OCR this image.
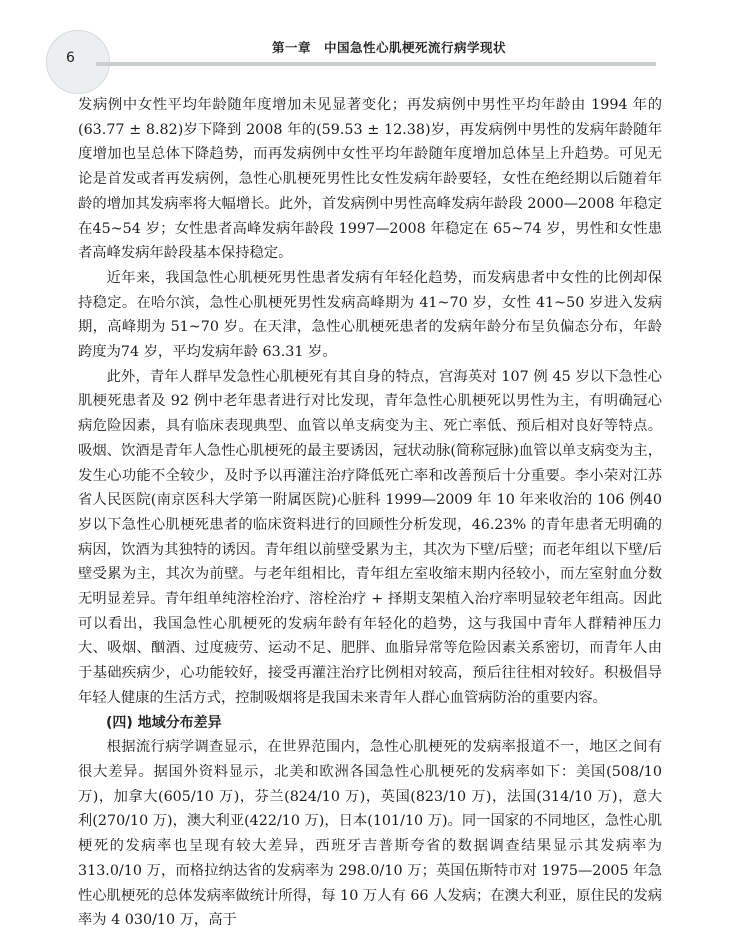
6
第一章　中国急性心肌梗死流行病学现状

发病例中女性平均年龄随年度增加未见显著变化；再发病例中男性平均年龄由 1994 年的(63.77 ± 8.82)岁下降到 2008 年的(59.53 ± 12.38)岁，再发病例中男性的发病年龄随年度增加也呈总体下降趋势，而再发病例中女性平均年龄随年度增加总体呈上升趋势。可见无论是首发或者再发病例，急性心肌梗死男性比女性发病年龄要轻，女性在绝经期以后随着年龄的增加其发病率将大幅增长。此外，首发病例中男性高峰发病年龄段 2000—2008 年稳定在45~54 岁；女性患者高峰发病年龄段 1997—2008 年稳定在 65~74 岁，男性和女性患者高峰发病年龄段基本保持稳定。

近年来，我国急性心肌梗死男性患者发病有年轻化趋势，而发病患者中女性的比例却保持稳定。在哈尔滨，急性心肌梗死男性发病高峰期为 41~70 岁，女性 41~50 岁进入发病期，高峰期为 51~70 岁。在天津，急性心肌梗死患者的发病年龄分布呈负偏态分布，年龄跨度为74 岁，平均发病年龄 63.31 岁。

此外，青年人群早发急性心肌梗死有其自身的特点，宫海英对 107 例 45 岁以下急性心肌梗死患者及 92 例中老年患者进行对比发现，青年急性心肌梗死以男性为主，有明确冠心病危险因素，具有临床表现典型、血管以单支病变为主、死亡率低、预后相对良好等特点。吸烟、饮酒是青年人急性心肌梗死的最主要诱因，冠状动脉(简称冠脉)血管以单支病变为主，发生心功能不全较少，及时予以再灌注治疗降低死亡率和改善预后十分重要。李小荣对江苏省人民医院(南京医科大学第一附属医院)心脏科 1999—2009 年 10 年来收治的 106 例40 岁以下急性心肌梗死患者的临床资料进行的回顾性分析发现，46.23% 的青年患者无明确的病因，饮酒为其独特的诱因。青年组以前壁受累为主，其次为下壁/后壁；而老年组以下壁/后壁受累为主，其次为前壁。与老年组相比，青年组左室收缩末期内径较小，而左室射血分数无明显差异。青年组单纯溶栓治疗、溶栓治疗 + 择期支架植入治疗率明显较老年组高。因此可以看出，我国急性心肌梗死的发病年龄有年轻化的趋势，这与我国中青年人群精神压力大、吸烟、酗酒、过度疲劳、运动不足、肥胖、血脂异常等危险因素关系密切，而青年人由于基础疾病少，心功能较好，接受再灌注治疗比例相对较高，预后往往相对较好。积极倡导年轻人健康的生活方式，控制吸烟将是我国未来青年人群心血管病防治的重要内容。

(四) 地域分布差异

根据流行病学调查显示，在世界范围内，急性心肌梗死的发病率报道不一，地区之间有很大差异。据国外资料显示，北美和欧洲各国急性心肌梗死的发病率如下：美国(508/10 万)，加拿大(605/10 万)，芬兰(824/10 万)，英国(823/10 万)，法国(314/10 万)，意大利(270/10 万)，澳大利亚(422/10 万)，日本(101/10 万)。同一国家的不同地区，急性心肌梗死的发病率也呈现有较大差异，西班牙吉普斯夸省的数据调查结果显示其发病率为 313.0/10 万，而格拉纳达省的发病率为 298.0/10 万；英国伍斯特市对 1975—2005 年急性心肌梗死的总体发病率做统计所得，每 10 万人有 66 人发病；在澳大利亚，原住民的发病率为 4 030/10 万，高于
